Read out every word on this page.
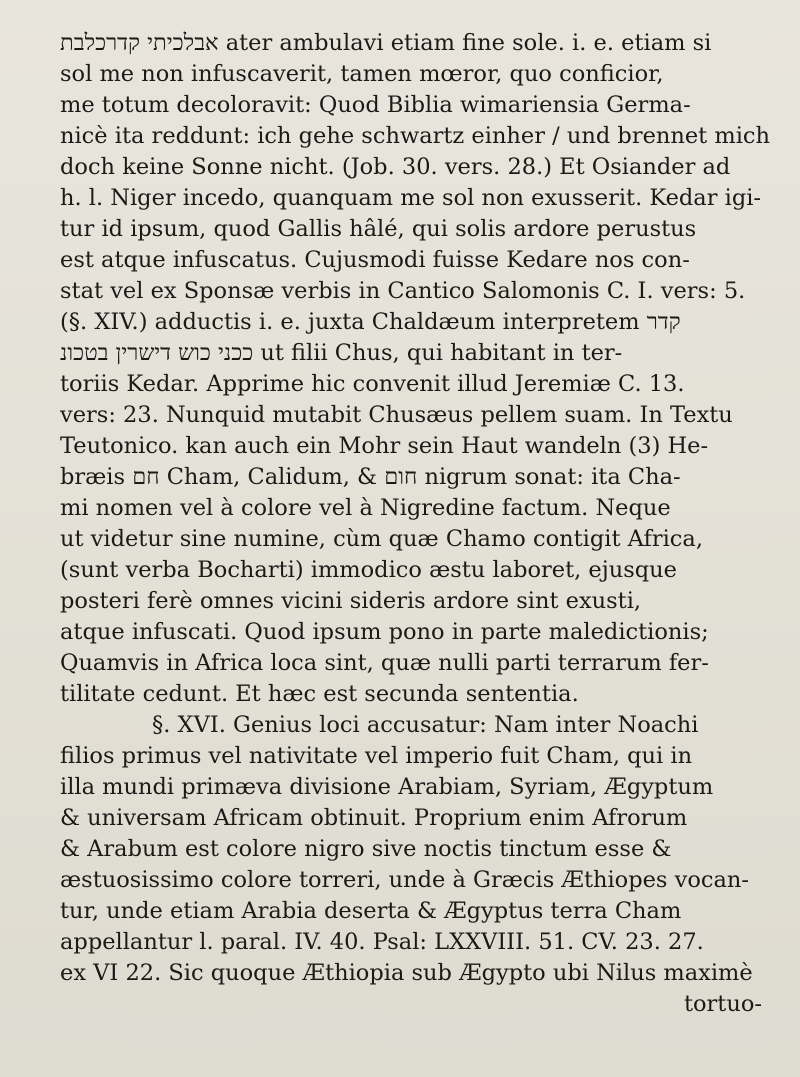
אבלכיתי קדרכלבת ater ambulavi etiam fine sole. i. e. etiam si
sol me non infuscaverit, tamen mœror, quo conficior,
me totum decoloravit: Quod Biblia wimariensia Germa-
nicè ita reddunt: ich gehe schwartz einher / und brennet mich
doch keine Sonne nicht. (Job. 30. vers. 28.) Et Osiander ad
h. l. Niger incedo, quanquam me sol non exusserit. Kedar igi-
tur id ipsum, quod Gallis hâlé, qui solis ardore perustus
est atque infuscatus. Cujusmodi fuisse Kedare nos con-
stat vel ex Sponsæ verbis in Cantico Salomonis C. I. vers: 5.
(§. XIV.) adductis i. e. juxta Chaldæum interpretem קדר
ככני כוש דישרין בטכונ ut filii Chus, qui habitant in ter-
toriis Kedar. Apprime hic convenit illud Jeremiæ C. 13.
vers: 23. Nunquid mutabit Chusæus pellem suam. In Textu
Teutonico. kan auch ein Mohr sein Haut wandeln (3) He-
bræis חם Cham, Calidum, & חום nigrum sonat: ita Cha-
mi nomen vel à colore vel à Nigredine factum. Neque
ut videtur sine numine, cùm quæ Chamo contigit Africa,
(sunt verba Bocharti) immodico æstu laboret, ejusque
posteri ferè omnes vicini sideris ardore sint exusti,
atque infuscati. Quod ipsum pono in parte maledictionis;
Quamvis in Africa loca sint, quæ nulli parti terrarum fer-
tilitate cedunt. Et hæc est secunda sententia.
§. XVI. Genius loci accusatur: Nam inter Noachi
filios primus vel nativitate vel imperio fuit Cham, qui in
illa mundi primæva divisione Arabiam, Syriam, Ægyptum
& universam Africam obtinuit. Proprium enim Afrorum
& Arabum est colore nigro sive noctis tinctum esse &
æstuosissimo colore torreri, unde à Græcis Æthiopes vocan-
tur, unde etiam Arabia deserta & Ægyptus terra Cham
appellantur l. paral. IV. 40. Psal: LXXVIII. 51. CV. 23. 27.
ex VI 22. Sic quoque Æthiopia sub Ægypto ubi Nilus maximè
tortuo-
